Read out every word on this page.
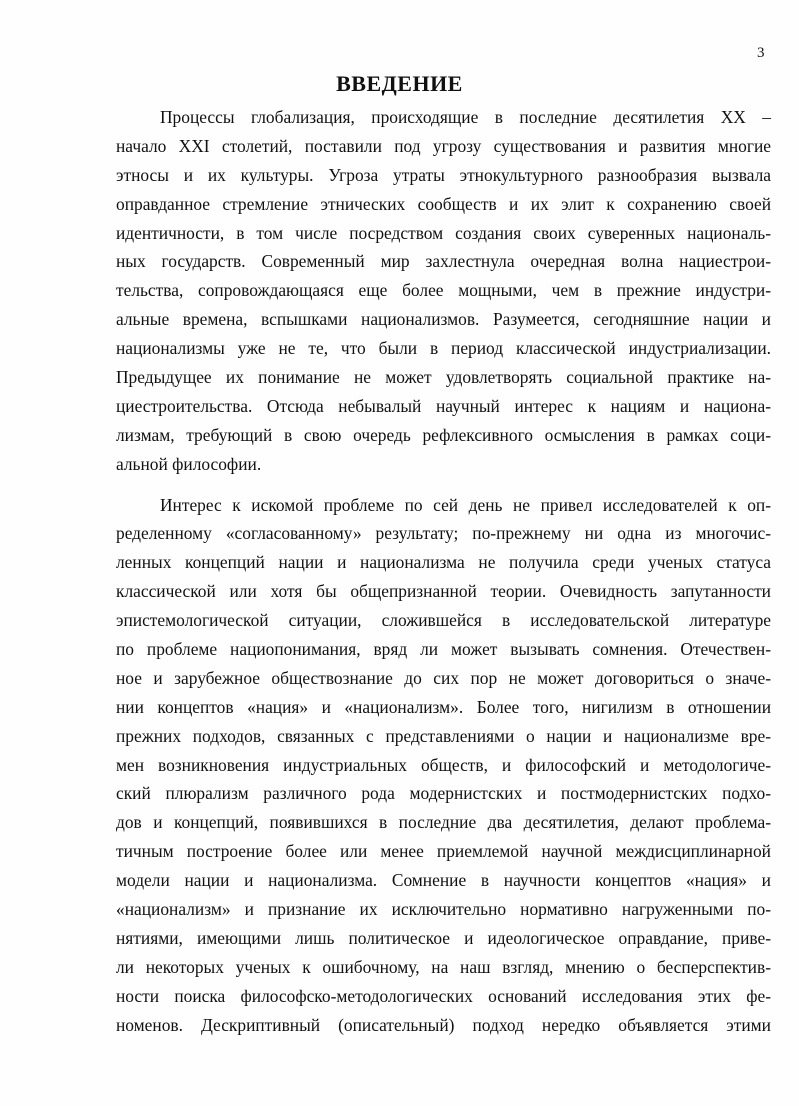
3
ВВЕДЕНИЕ
Процессы глобализация, происходящие в последние десятилетия XX –
начало XXI столетий, поставили под угрозу существования и развития многие
этносы и их культуры. Угроза утраты этнокультурного разнообразия вызвала
оправданное стремление этнических сообществ и их элит к сохранению своей
идентичности, в том числе посредством создания своих суверенных националь-
ных государств. Современный мир захлестнула очередная волна нациестрои-
тельства, сопровождающаяся еще более мощными, чем в прежние индустри-
альные времена, вспышками национализмов. Разумеется, сегодняшние нации и
национализмы уже не те, что были в период классической индустриализации.
Предыдущее их понимание не может удовлетворять социальной практике на-
циестроительства. Отсюда небывалый научный интерес к нациям и национа-
лизмам, требующий в свою очередь рефлексивного осмысления в рамках соци-
альной философии.
Интерес к искомой проблеме по сей день не привел исследователей к оп-
ределенному «согласованному» результату; по-прежнему ни одна из многочис-
ленных концепций нации и национализма не получила среди ученых статуса
классической или хотя бы общепризнанной теории. Очевидность запутанности
эпистемологической ситуации, сложившейся в исследовательской литературе
по проблеме нациопонимания, вряд ли может вызывать сомнения. Отечествен-
ное и зарубежное обществознание до сих пор не может договориться о значе-
нии концептов «нация» и «национализм». Более того, нигилизм в отношении
прежних подходов, связанных с представлениями о нации и национализме вре-
мен возникновения индустриальных обществ, и философский и методологиче-
ский плюрализм различного рода модернистских и постмодернистских подхо-
дов и концепций, появившихся в последние два десятилетия, делают проблема-
тичным построение более или менее приемлемой научной междисциплинарной
модели нации и национализма. Сомнение в научности концептов «нация» и
«национализм» и признание их исключительно нормативно нагруженными по-
нятиями, имеющими лишь политическое и идеологическое оправдание, приве-
ли некоторых ученых к ошибочному, на наш взгляд, мнению о бесперспектив-
ности поиска философско-методологических оснований исследования этих фе-
номенов. Дескриптивный (описательный) подход нередко объявляется этими
